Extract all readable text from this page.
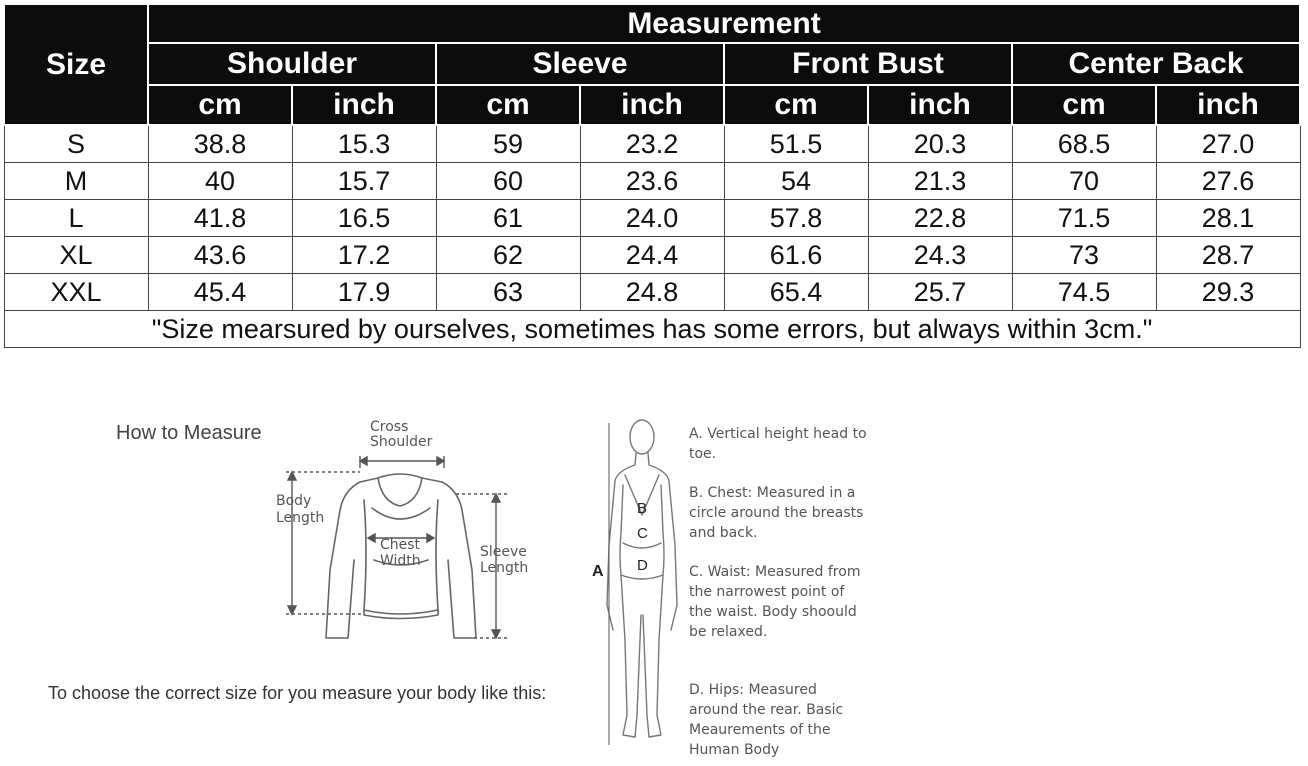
Size	Measurement							
	Shoulder		Sleeve		Front Bust		Center Back	
	cm	inch	cm	inch	cm	inch	cm	inch
S	38.8	15.3	59	23.2	51.5	20.3	68.5	27.0
M	40	15.7	60	23.6	54	21.3	70	27.6
L	41.8	16.5	61	24.0	57.8	22.8	71.5	28.1
XL	43.6	17.2	62	24.4	61.6	24.3	73	28.7
XXL	45.4	17.9	63	24.8	65.4	25.7	74.5	29.3
"Size mearsured by ourselves, sometimes has some errors, but always within 3cm."								
How to Measure
To choose the correct size for you measure your body like this:
Cross
Shoulder
Body
Length
Chest
Width
Sleeve
Length	A
B
C
D
A. Vertical height head to toe.
B. Chest: Measured in a circle around the breasts and back.
C. Waist: Measured from the narrowest point of the waist. Body shoould be relaxed.
D. Hips: Measured around the rear. Basic Meaurements of the Human Body
